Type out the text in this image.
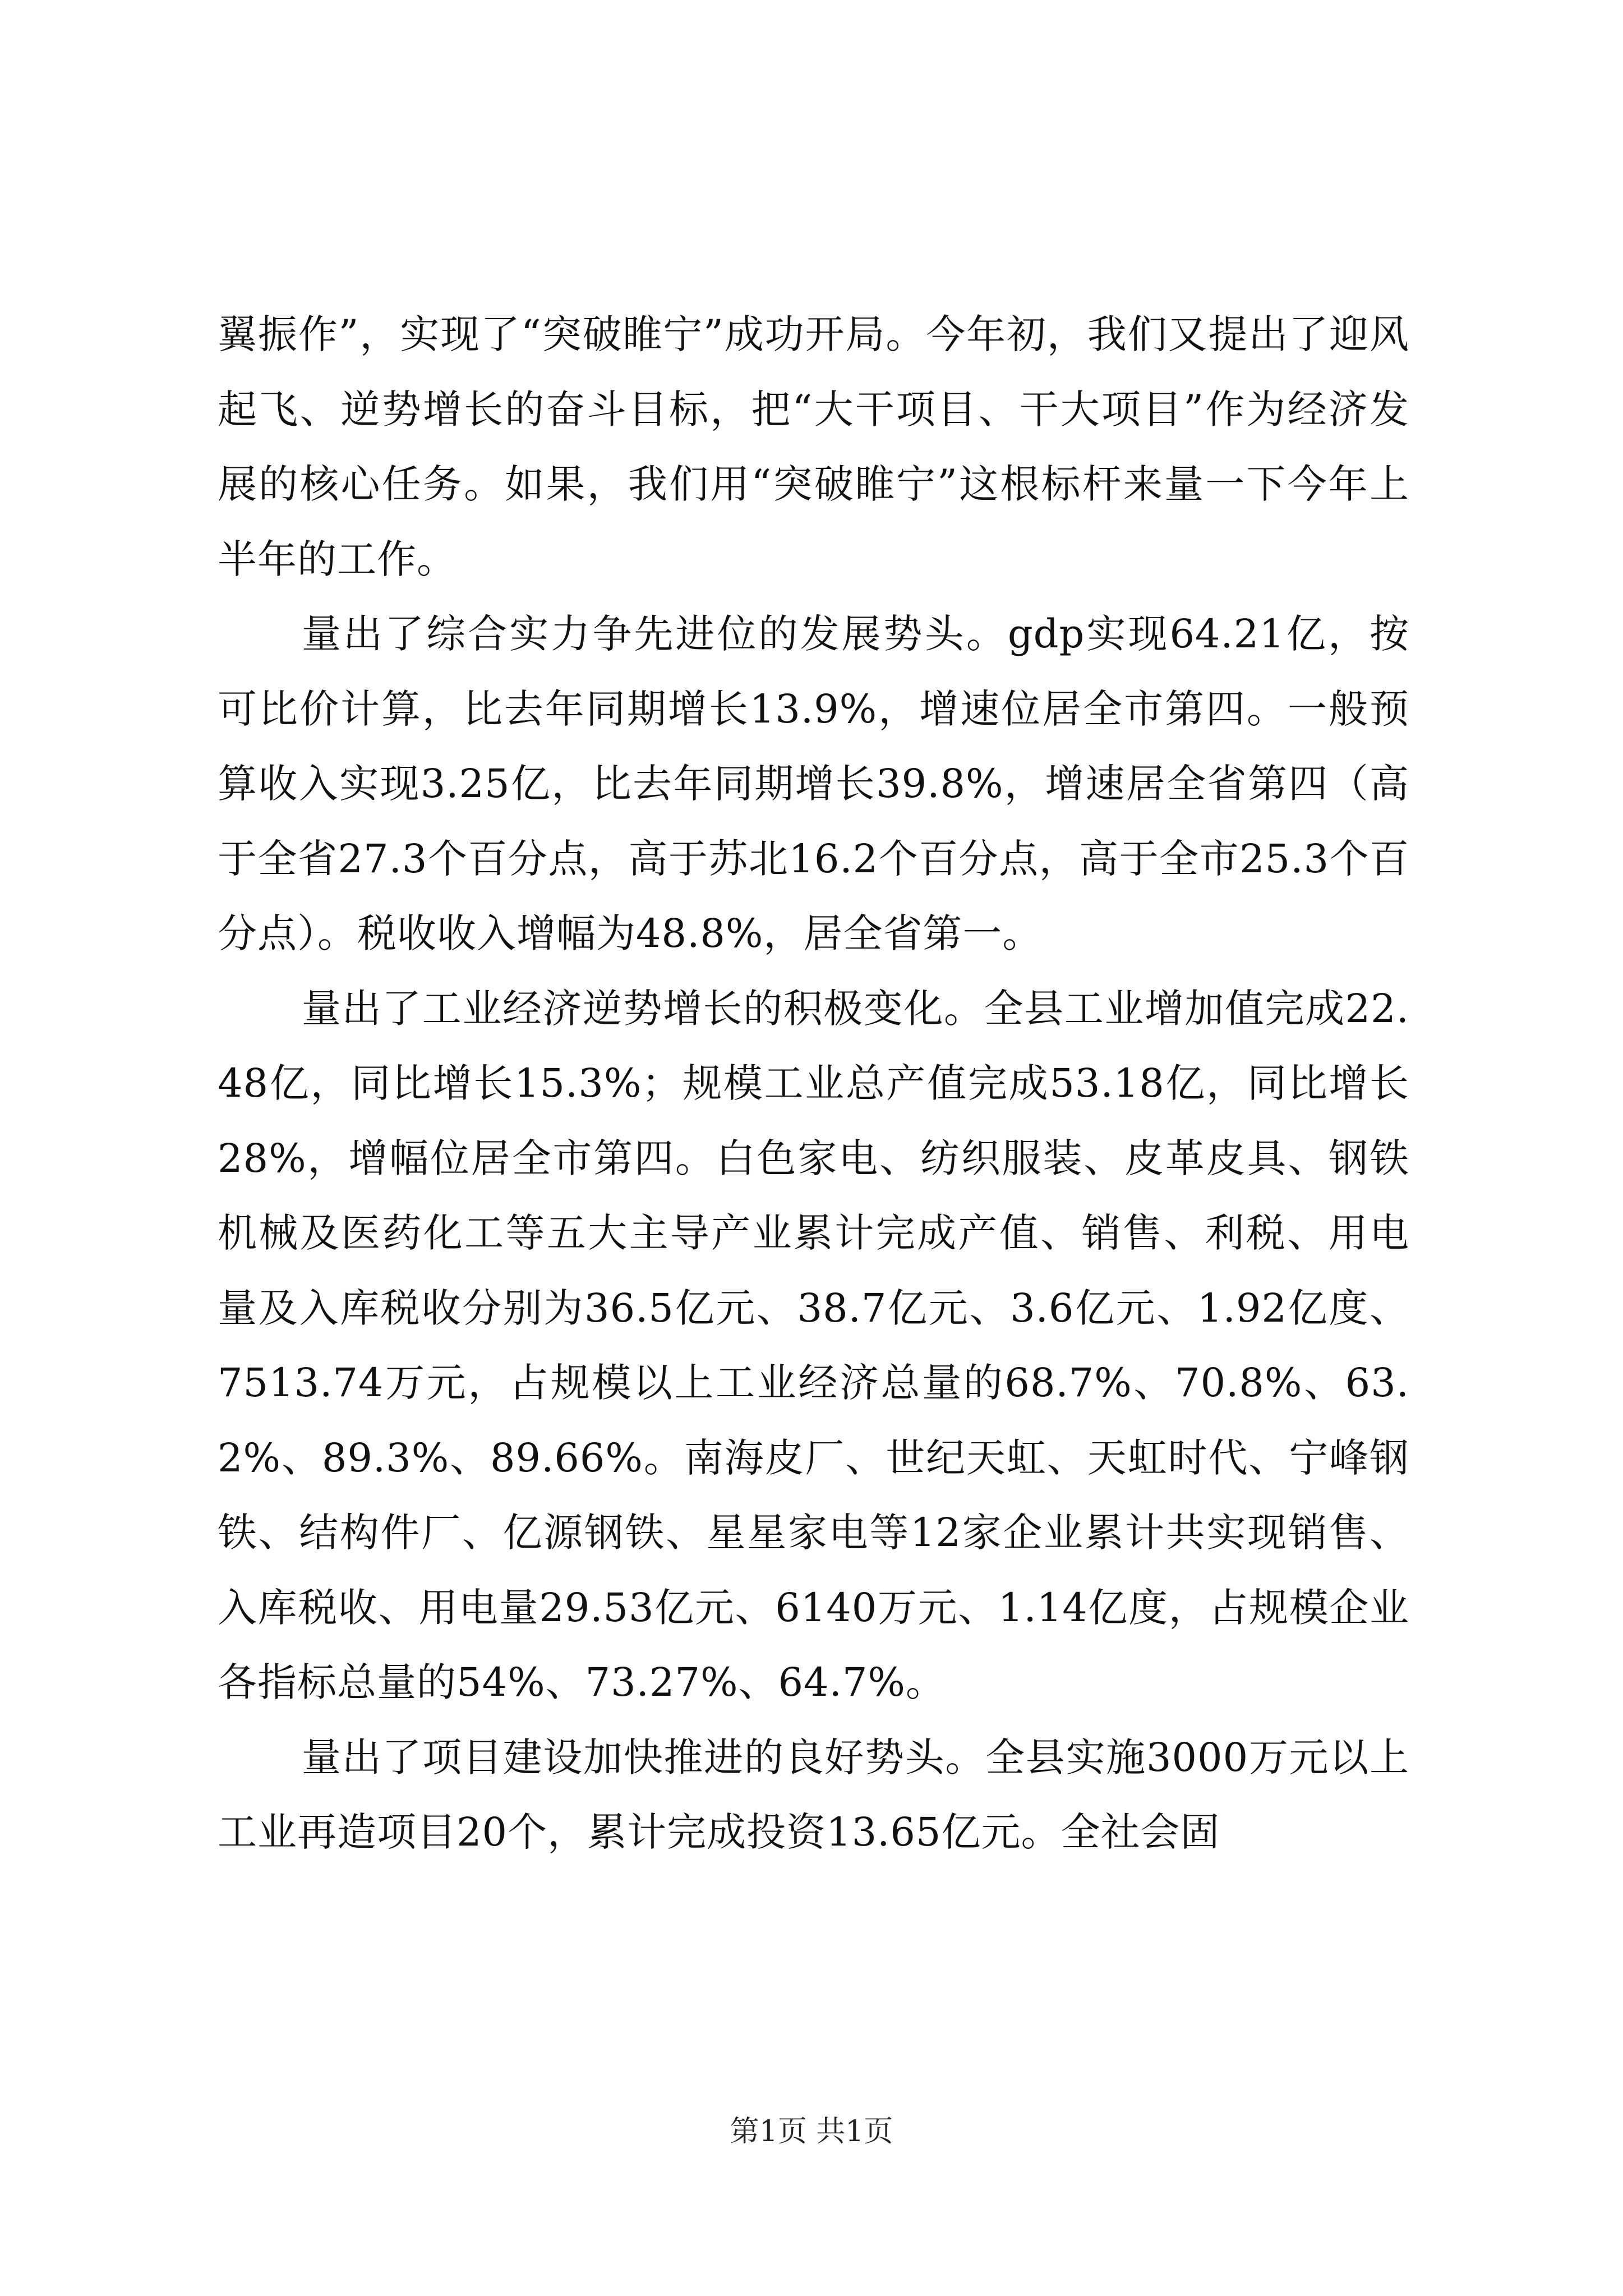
翼振作”，实现了“突破睢宁”成功开局。今年初，我们又提出了迎风起飞、逆势增长的奋斗目标，把“大干项目、干大项目”作为经济发展的核心任务。如果，我们用“突破睢宁”这根标杆来量一下今年上半年的工作。

量出了综合实力争先进位的发展势头。gdp实现64.21亿，按可比价计算，比去年同期增长13.9%，增速位居全市第四。一般预算收入实现3.25亿，比去年同期增长39.8%，增速居全省第四（高于全省27.3个百分点，高于苏北16.2个百分点，高于全市25.3个百分点）。税收收入增幅为48.8%，居全省第一。

量出了工业经济逆势增长的积极变化。全县工业增加值完成22.48亿，同比增长15.3%；规模工业总产值完成53.18亿，同比增长28%，增幅位居全市第四。白色家电、纺织服装、皮革皮具、钢铁机械及医药化工等五大主导产业累计完成产值、销售、利税、用电量及入库税收分别为36.5亿元、38.7亿元、3.6亿元、1.92亿度、7513.74万元，占规模以上工业经济总量的68.7%、70.8%、63.2%、89.3%、89.66%。南海皮厂、世纪天虹、天虹时代、宁峰钢铁、结构件厂、亿源钢铁、星星家电等12家企业累计共实现销售、入库税收、用电量29.53亿元、6140万元、1.14亿度，占规模企业各指标总量的54%、73.27%、64.7%。

量出了项目建设加快推进的良好势头。全县实施3000万元以上工业再造项目20个，累计完成投资13.65亿元。全社会固

第1页 共1页
